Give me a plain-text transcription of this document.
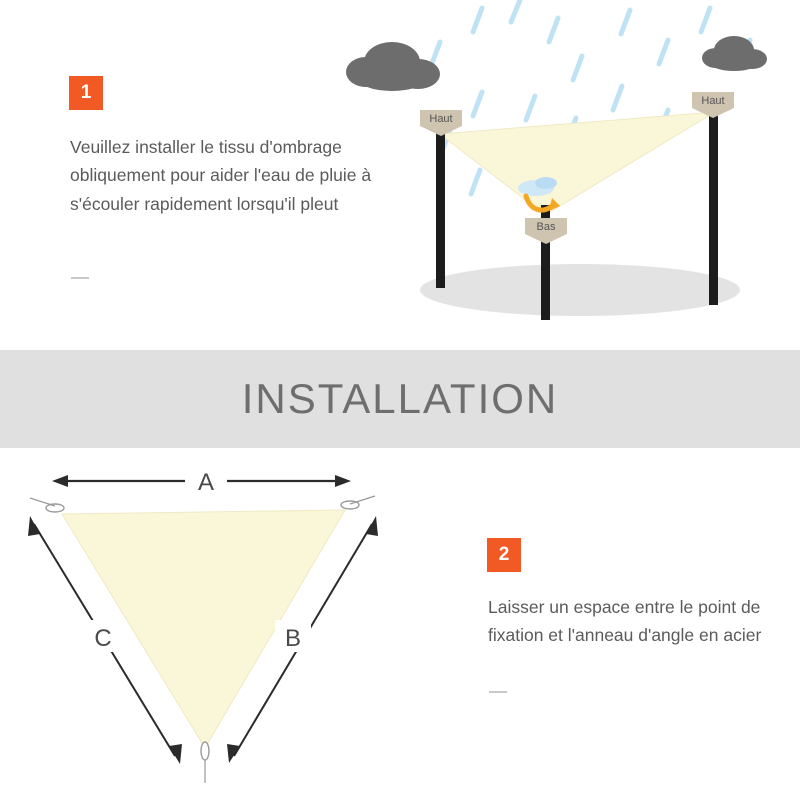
1
Veuillez installer le tissu d'ombrage obliquement pour aider l'eau de pluie à s'écouler rapidement lorsqu'il pleut
Haut
Haut
Bas
INSTALLATION
2
Laisser un espace entre le point de fixation et l'anneau d'angle en acier
A
B
C
